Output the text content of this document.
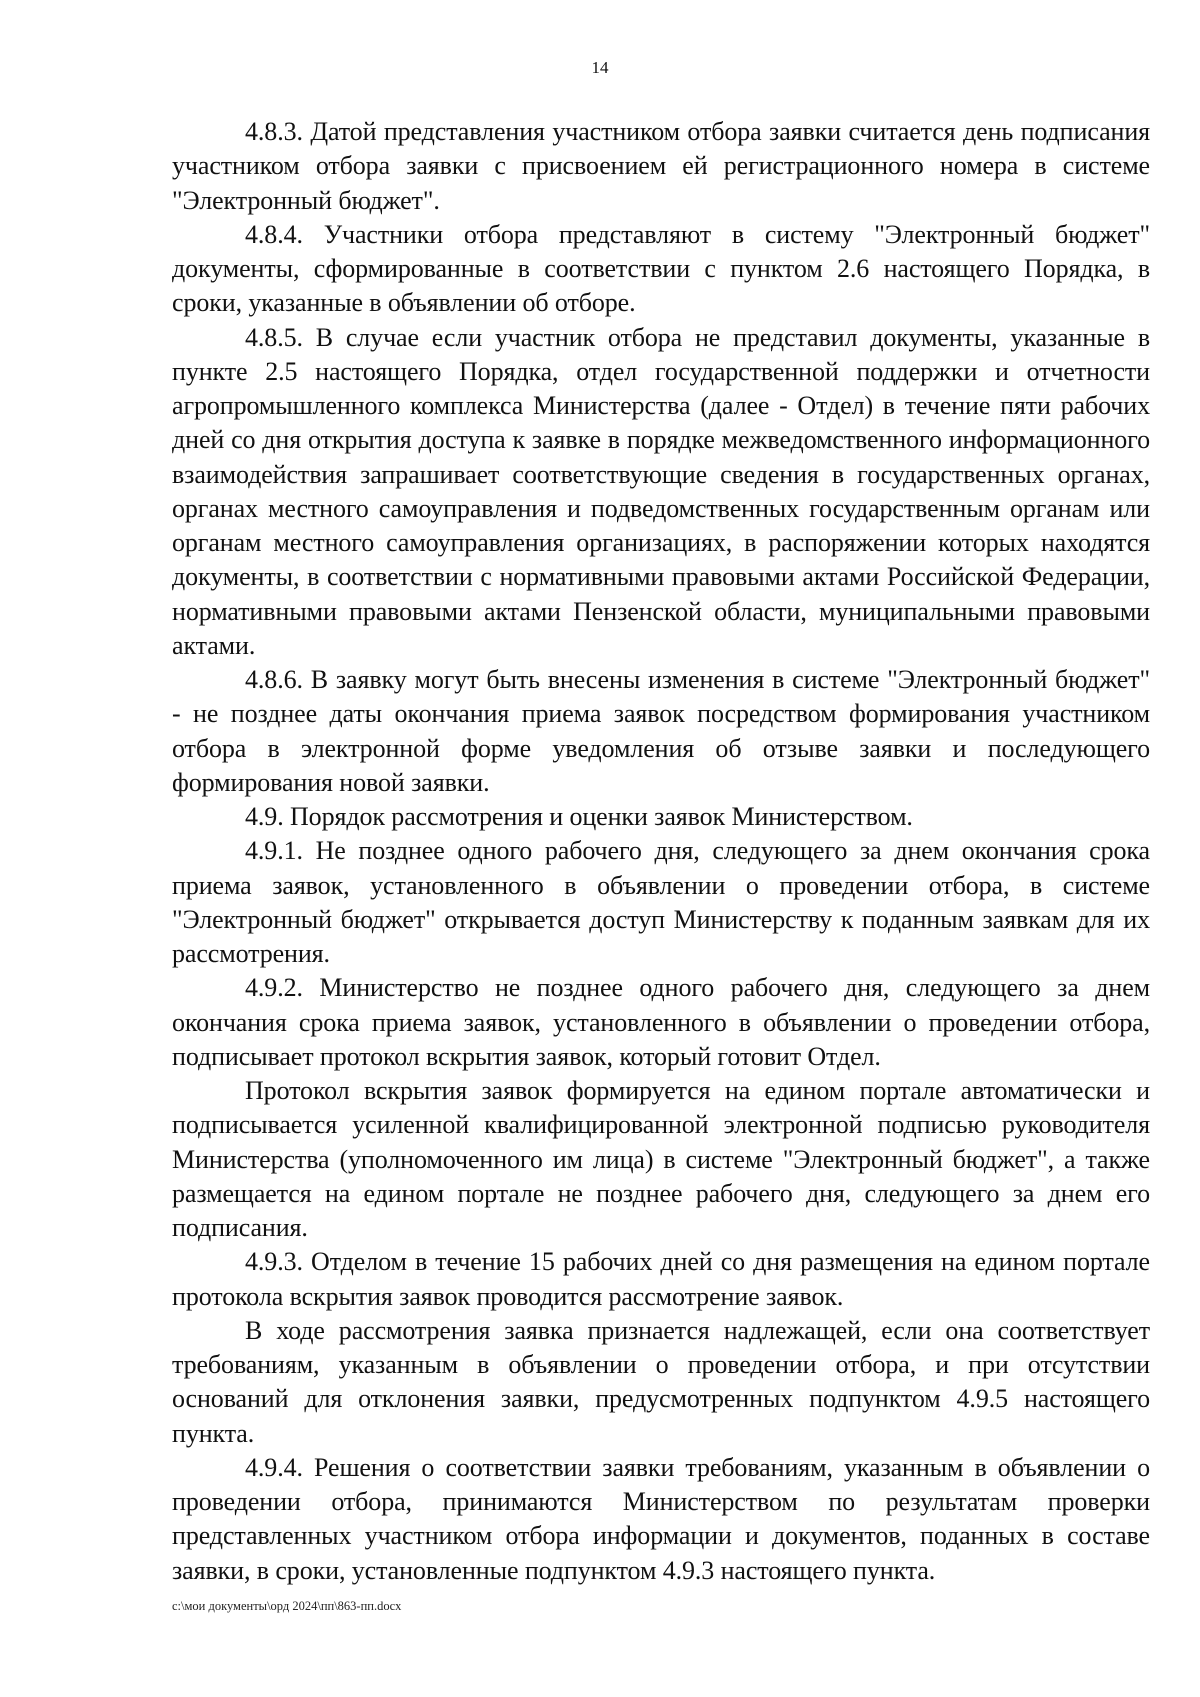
14

4.8.3. Датой представления участником отбора заявки считается день подписания участником отбора заявки с присвоением ей регистрационного номера в системе "Электронный бюджет".

4.8.4. Участники отбора представляют в систему "Электронный бюджет" документы, сформированные в соответствии с пунктом 2.6 настоящего Порядка, в сроки, указанные в объявлении об отборе.

4.8.5. В случае если участник отбора не представил документы, указанные в пункте 2.5 настоящего Порядка, отдел государственной поддержки и отчетности агропромышленного комплекса Министерства (далее - Отдел) в течение пяти рабочих дней со дня открытия доступа к заявке в порядке межведомственного информационного взаимодействия запрашивает соответствующие сведения в государственных органах, органах местного самоуправления и подведомственных государственным органам или органам местного самоуправления организациях, в распоряжении которых находятся документы, в соответствии с нормативными правовыми актами Российской Федерации, нормативными правовыми актами Пензенской области, муниципальными правовыми актами.

4.8.6. В заявку могут быть внесены изменения в системе "Электронный бюджет" - не позднее даты окончания приема заявок посредством формирования участником отбора в электронной форме уведомления об отзыве заявки и последующего формирования новой заявки.

4.9. Порядок рассмотрения и оценки заявок Министерством.

4.9.1. Не позднее одного рабочего дня, следующего за днем окончания срока приема заявок, установленного в объявлении о проведении отбора, в системе "Электронный бюджет" открывается доступ Министерству к поданным заявкам для их рассмотрения.

4.9.2. Министерство не позднее одного рабочего дня, следующего за днем окончания срока приема заявок, установленного в объявлении о проведении отбора, подписывает протокол вскрытия заявок, который готовит Отдел.

Протокол вскрытия заявок формируется на едином портале автоматически и подписывается усиленной квалифицированной электронной подписью руководителя Министерства (уполномоченного им лица) в системе "Электронный бюджет", а также размещается на едином портале не позднее рабочего дня, следующего за днем его подписания.

4.9.3. Отделом в течение 15 рабочих дней со дня размещения на едином портале протокола вскрытия заявок проводится рассмотрение заявок.

В ходе рассмотрения заявка признается надлежащей, если она соответствует требованиям, указанным в объявлении о проведении отбора, и при отсутствии оснований для отклонения заявки, предусмотренных подпунктом 4.9.5 настоящего пункта.

4.9.4. Решения о соответствии заявки требованиям, указанным в объявлении о проведении отбора, принимаются Министерством по результатам проверки представленных участником отбора информации и документов, поданных в составе заявки, в сроки, установленные подпунктом 4.9.3 настоящего пункта.

c:\мои документы\орд 2024\пп\863-пп.docx
